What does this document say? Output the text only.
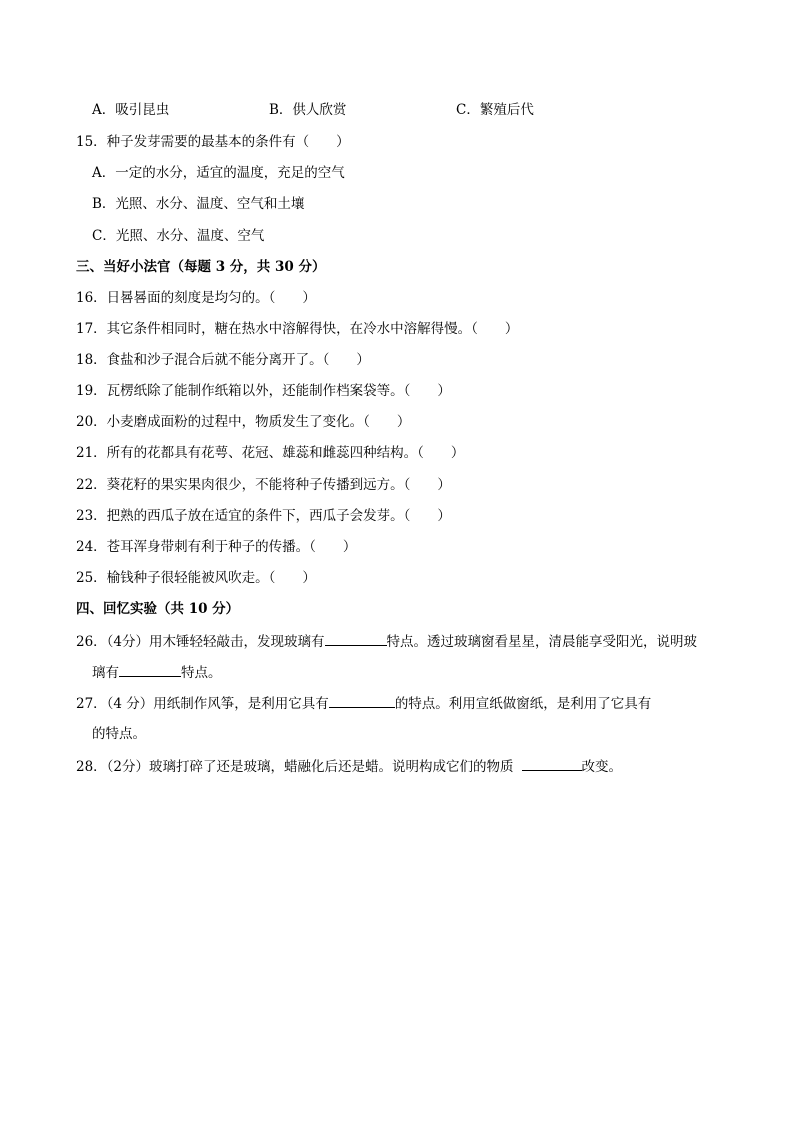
A．吸引昆虫	B．供人欣赏	C．繁殖后代
15．种子发芽需要的最基本的条件有（　　）
A．一定的水分，适宜的温度，充足的空气
B．光照、水分、温度、空气和土壤
C．光照、水分、温度、空气
三、当好小法官（每题 3 分，共 30 分）
16．日晷晷面的刻度是均匀的。（　　）
17．其它条件相同时，糖在热水中溶解得快，在冷水中溶解得慢。（　　）
18．食盐和沙子混合后就不能分离开了。（　　）
19．瓦楞纸除了能制作纸箱以外，还能制作档案袋等。（　　）
20．小麦磨成面粉的过程中，物质发生了变化。（　　）
21．所有的花都具有花萼、花冠、雄蕊和雌蕊四种结构。（　　）
22．葵花籽的果实果肉很少，不能将种子传播到远方。（　　）
23．把熟的西瓜子放在适宜的条件下，西瓜子会发芽。（　　）
24．苍耳浑身带刺有利于种子的传播。（　　）
25．榆钱种子很轻能被风吹走。（　　）
四、回忆实验（共 10 分）
26．（4分）用木锤轻轻敲击，发现玻璃有	特点。透过玻璃窗看星星，清晨能享受阳光，说明玻
璃有	特点。
27．（4 分）用纸制作风筝，是利用它具有	的特点。利用宣纸做窗纸，是利用了它具有
的特点。
28．（2分）玻璃打碎了还是玻璃，蜡融化后还是蜡。说明构成它们的物质	改变。
